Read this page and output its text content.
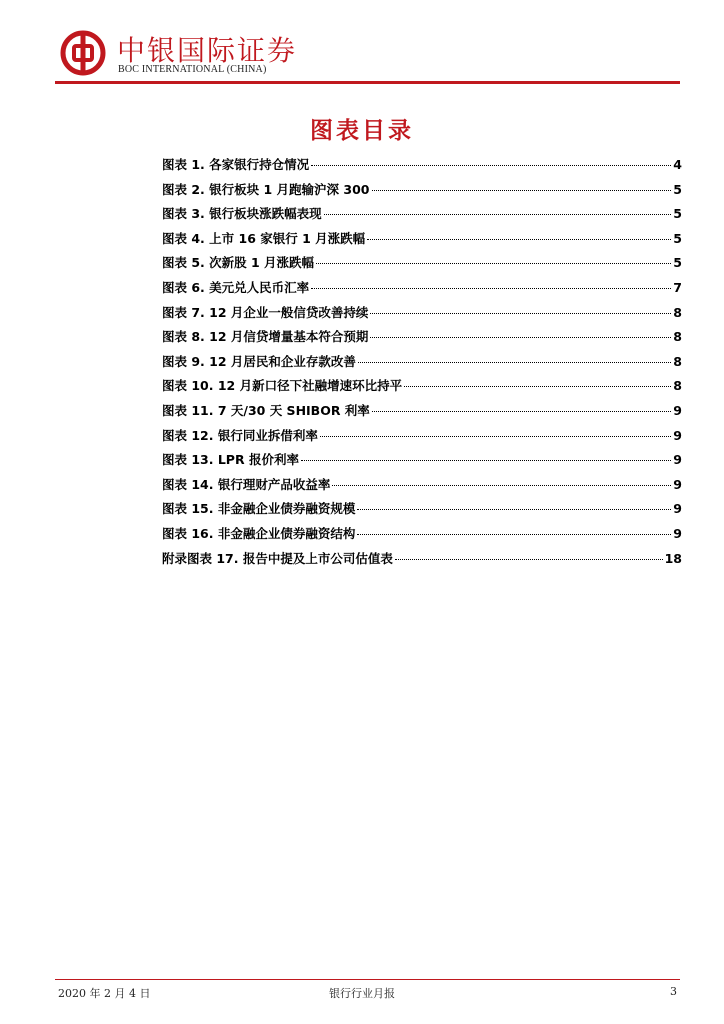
中银国际证券
BOC INTERNATIONAL (CHINA)
图表目录
图表 1. 各家银行持仓情况	4
图表 2. 银行板块 1 月跑输沪深 300	5
图表 3. 银行板块涨跌幅表现	5
图表 4. 上市 16 家银行 1 月涨跌幅	5
图表 5. 次新股 1 月涨跌幅	5
图表 6. 美元兑人民币汇率	7
图表 7. 12 月企业一般信贷改善持续	8
图表 8. 12 月信贷增量基本符合预期	8
图表 9. 12 月居民和企业存款改善	8
图表 10. 12 月新口径下社融增速环比持平	8
图表 11. 7 天/30 天 SHIBOR 利率	9
图表 12. 银行同业拆借利率	9
图表 13. LPR 报价利率	9
图表 14. 银行理财产品收益率	9
图表 15. 非金融企业债券融资规模	9
图表 16. 非金融企业债券融资结构	9
附录图表 17. 报告中提及上市公司估值表	18
2020 年 2 月 4 日	银行行业月报	3
